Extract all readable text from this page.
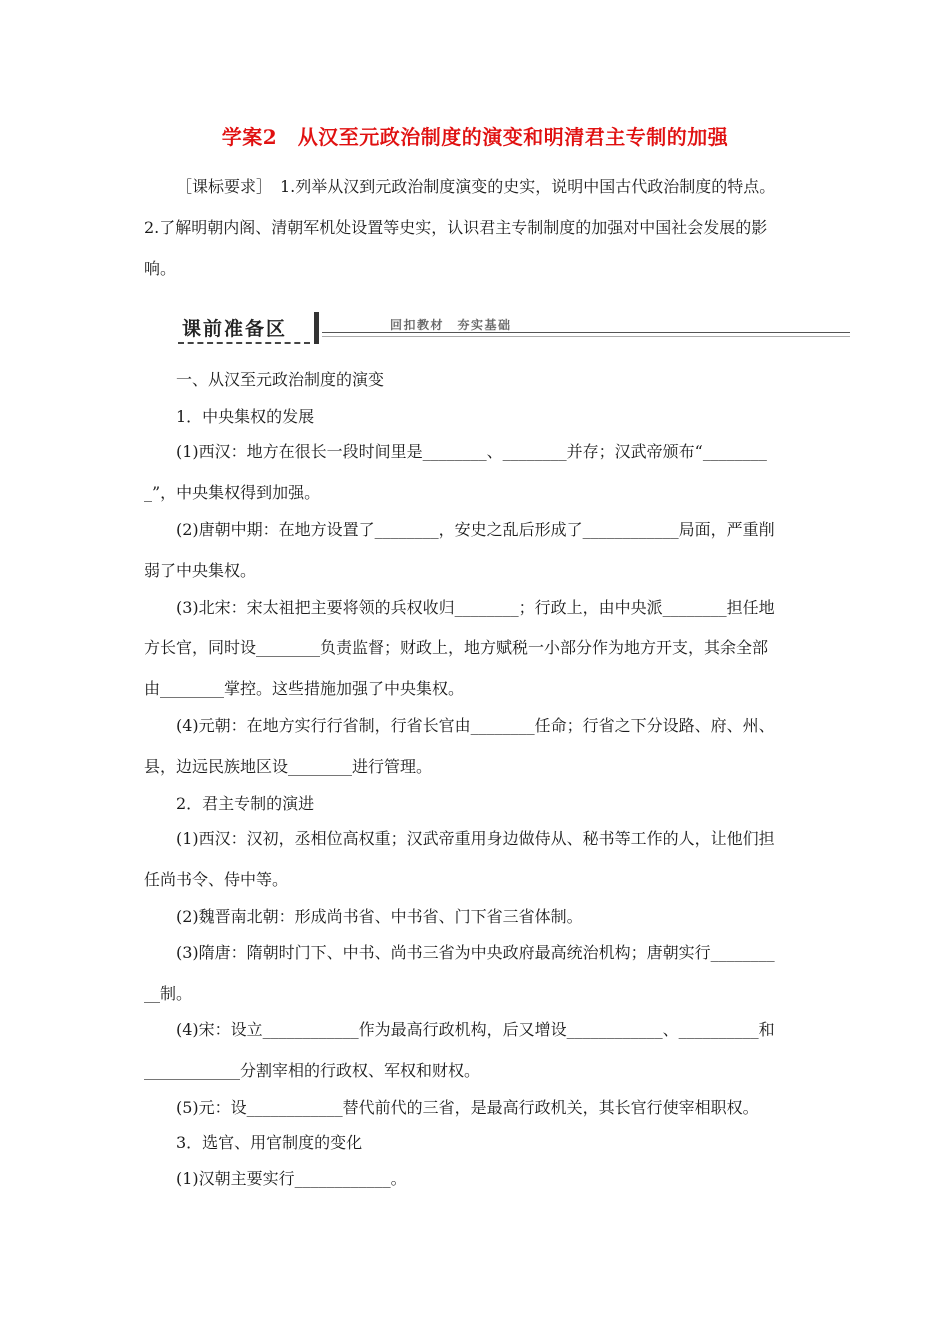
学案2　从汉至元政治制度的演变和明清君主专制的加强

［课标要求］　1.列举从汉到元政治制度演变的史实，说明中国古代政治制度的特点。

2.了解明朝内阁、清朝军机处设置等史实，认识君主专制制度的加强对中国社会发展的影

响。

课前准备区	回扣教材　夯实基础

一、从汉至元政治制度的演变

1．中央集权的发展

(1)西汉：地方在很长一段时间里是________、________并存；汉武帝颁布“________

_”，中央集权得到加强。

(2)唐朝中期：在地方设置了________，安史之乱后形成了____________局面，严重削

弱了中央集权。

(3)北宋：宋太祖把主要将领的兵权收归________；行政上，由中央派________担任地

方长官，同时设________负责监督；财政上，地方赋税一小部分作为地方开支，其余全部

由________掌控。这些措施加强了中央集权。

(4)元朝：在地方实行行省制，行省长官由________任命；行省之下分设路、府、州、

县，边远民族地区设________进行管理。

2．君主专制的演进

(1)西汉：汉初，丞相位高权重；汉武帝重用身边做侍从、秘书等工作的人，让他们担

任尚书令、侍中等。

(2)魏晋南北朝：形成尚书省、中书省、门下省三省体制。

(3)隋唐：隋朝时门下、中书、尚书三省为中央政府最高统治机构；唐朝实行________

__制。

(4)宋：设立____________作为最高行政机构，后又增设____________、__________和

____________分割宰相的行政权、军权和财权。

(5)元：设____________替代前代的三省，是最高行政机关，其长官行使宰相职权。

3．选官、用官制度的变化

(1)汉朝主要实行____________。
